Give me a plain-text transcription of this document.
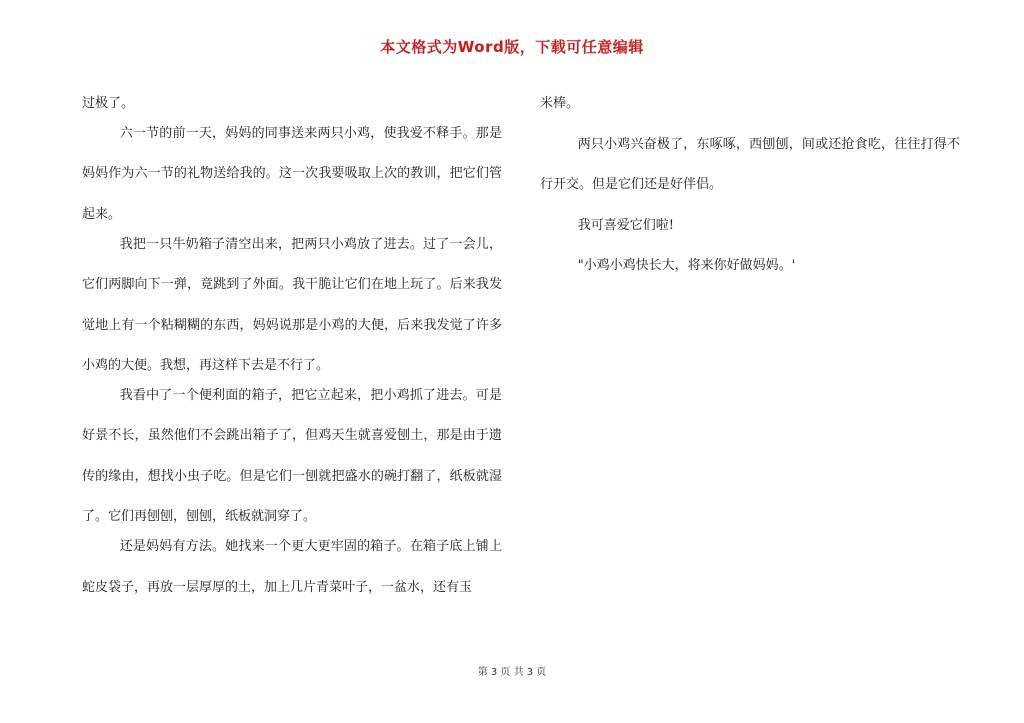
本文格式为Word版，下载可任意编辑

过极了。

六一节的前一天，妈妈的同事送来两只小鸡，使我爱不释手。那是妈妈作为六一节的礼物送给我的。这一次我要吸取上次的教训，把它们管起来。

我把一只牛奶箱子清空出来，把两只小鸡放了进去。过了一会儿，它们两脚向下一弹，竟跳到了外面。我干脆让它们在地上玩了。后来我发觉地上有一个粘糊糊的东西，妈妈说那是小鸡的大便，后来我发觉了许多小鸡的大便。我想，再这样下去是不行了。

我看中了一个便利面的箱子，把它立起来，把小鸡抓了进去。可是好景不长，虽然他们不会跳出箱子了，但鸡天生就喜爱刨土，那是由于遗传的缘由，想找小虫子吃。但是它们一刨就把盛水的碗打翻了，纸板就湿了。它们再刨刨，刨刨，纸板就洞穿了。

还是妈妈有方法。她找来一个更大更牢固的箱子。在箱子底上铺上蛇皮袋子，再放一层厚厚的土，加上几片青菜叶子，一盆水，还有玉

米棒。

两只小鸡兴奋极了，东啄啄，西刨刨，间或还抢食吃，往往打得不行开交。但是它们还是好伴侣。

我可喜爱它们啦!

"小鸡小鸡快长大，将来你好做妈妈。'

第 3 页 共 3 页
